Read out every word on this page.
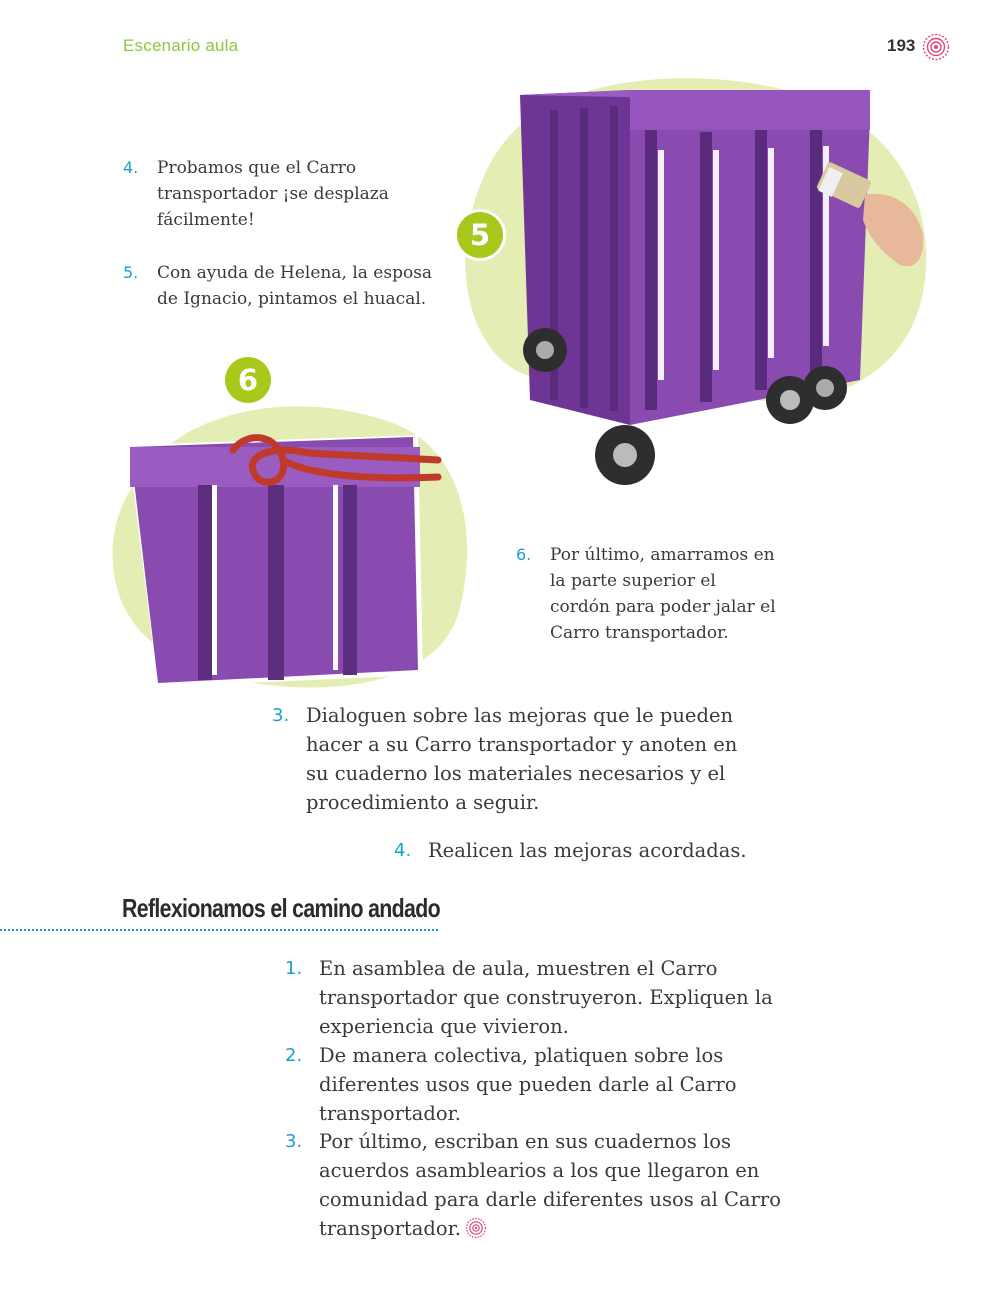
Escenario aula	193
5
6
4.	Probamos que el Carro transportador ¡se desplaza fácilmente!
5.	Con ayuda de Helena, la esposa de Ignacio, pintamos el huacal.
6.	Por último, amarramos en la parte superior el cordón para poder jalar el Carro transportador.
3. Dialoguen sobre las mejoras que le pueden hacer a su Carro transportador y anoten en su cuaderno los materiales necesarios y el procedimiento a seguir.
4. Realicen las mejoras acordadas.
Reflexionamos el camino andado
1. En asamblea de aula, muestren el Carro transportador que construyeron. Expliquen la experiencia que vivieron.
2. De manera colectiva, platiquen sobre los diferentes usos que pueden darle al Carro transportador.
3. Por último, escriban en sus cuadernos los acuerdos asamblearios a los que llegaron en comunidad para darle diferentes usos al Carro transportador.
